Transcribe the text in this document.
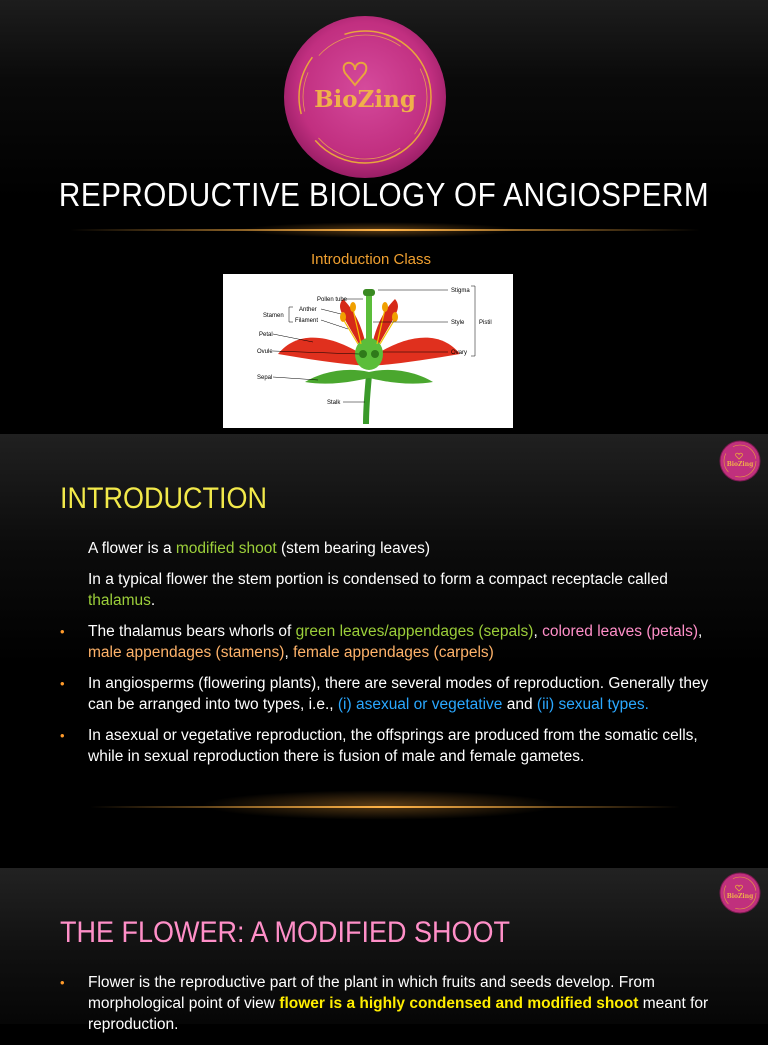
BioZing
REPRODUCTIVE BIOLOGY OF ANGIOSPERM
Introduction Class
Pollen tube
Anther
Filament
Stamen
Petal
Ovule
Sepal
Stalk
Stigma
Style Pistil
Ovary
BioZing
INTRODUCTION

A flower is a modified shoot (stem bearing leaves)

In a typical flower the stem portion is condensed to form a compact receptacle called thalamus.

• The thalamus bears whorls of green leaves/appendages (sepals), colored leaves (petals), male appendages (stamens), female appendages (carpels)

• In angiosperms (flowering plants), there are several modes of reproduction. Generally they can be arranged into two types, i.e., (i) asexual or vegetative and (ii) sexual types.

• In asexual or vegetative reproduction, the offsprings are produced from the somatic cells, while in sexual reproduction there is fusion of male and female gametes.

BioZing
THE FLOWER: A MODIFIED SHOOT

• Flower is the reproductive part of the plant in which fruits and seeds develop. From morphological point of view flower is a highly condensed and modified shoot meant for reproduction.
